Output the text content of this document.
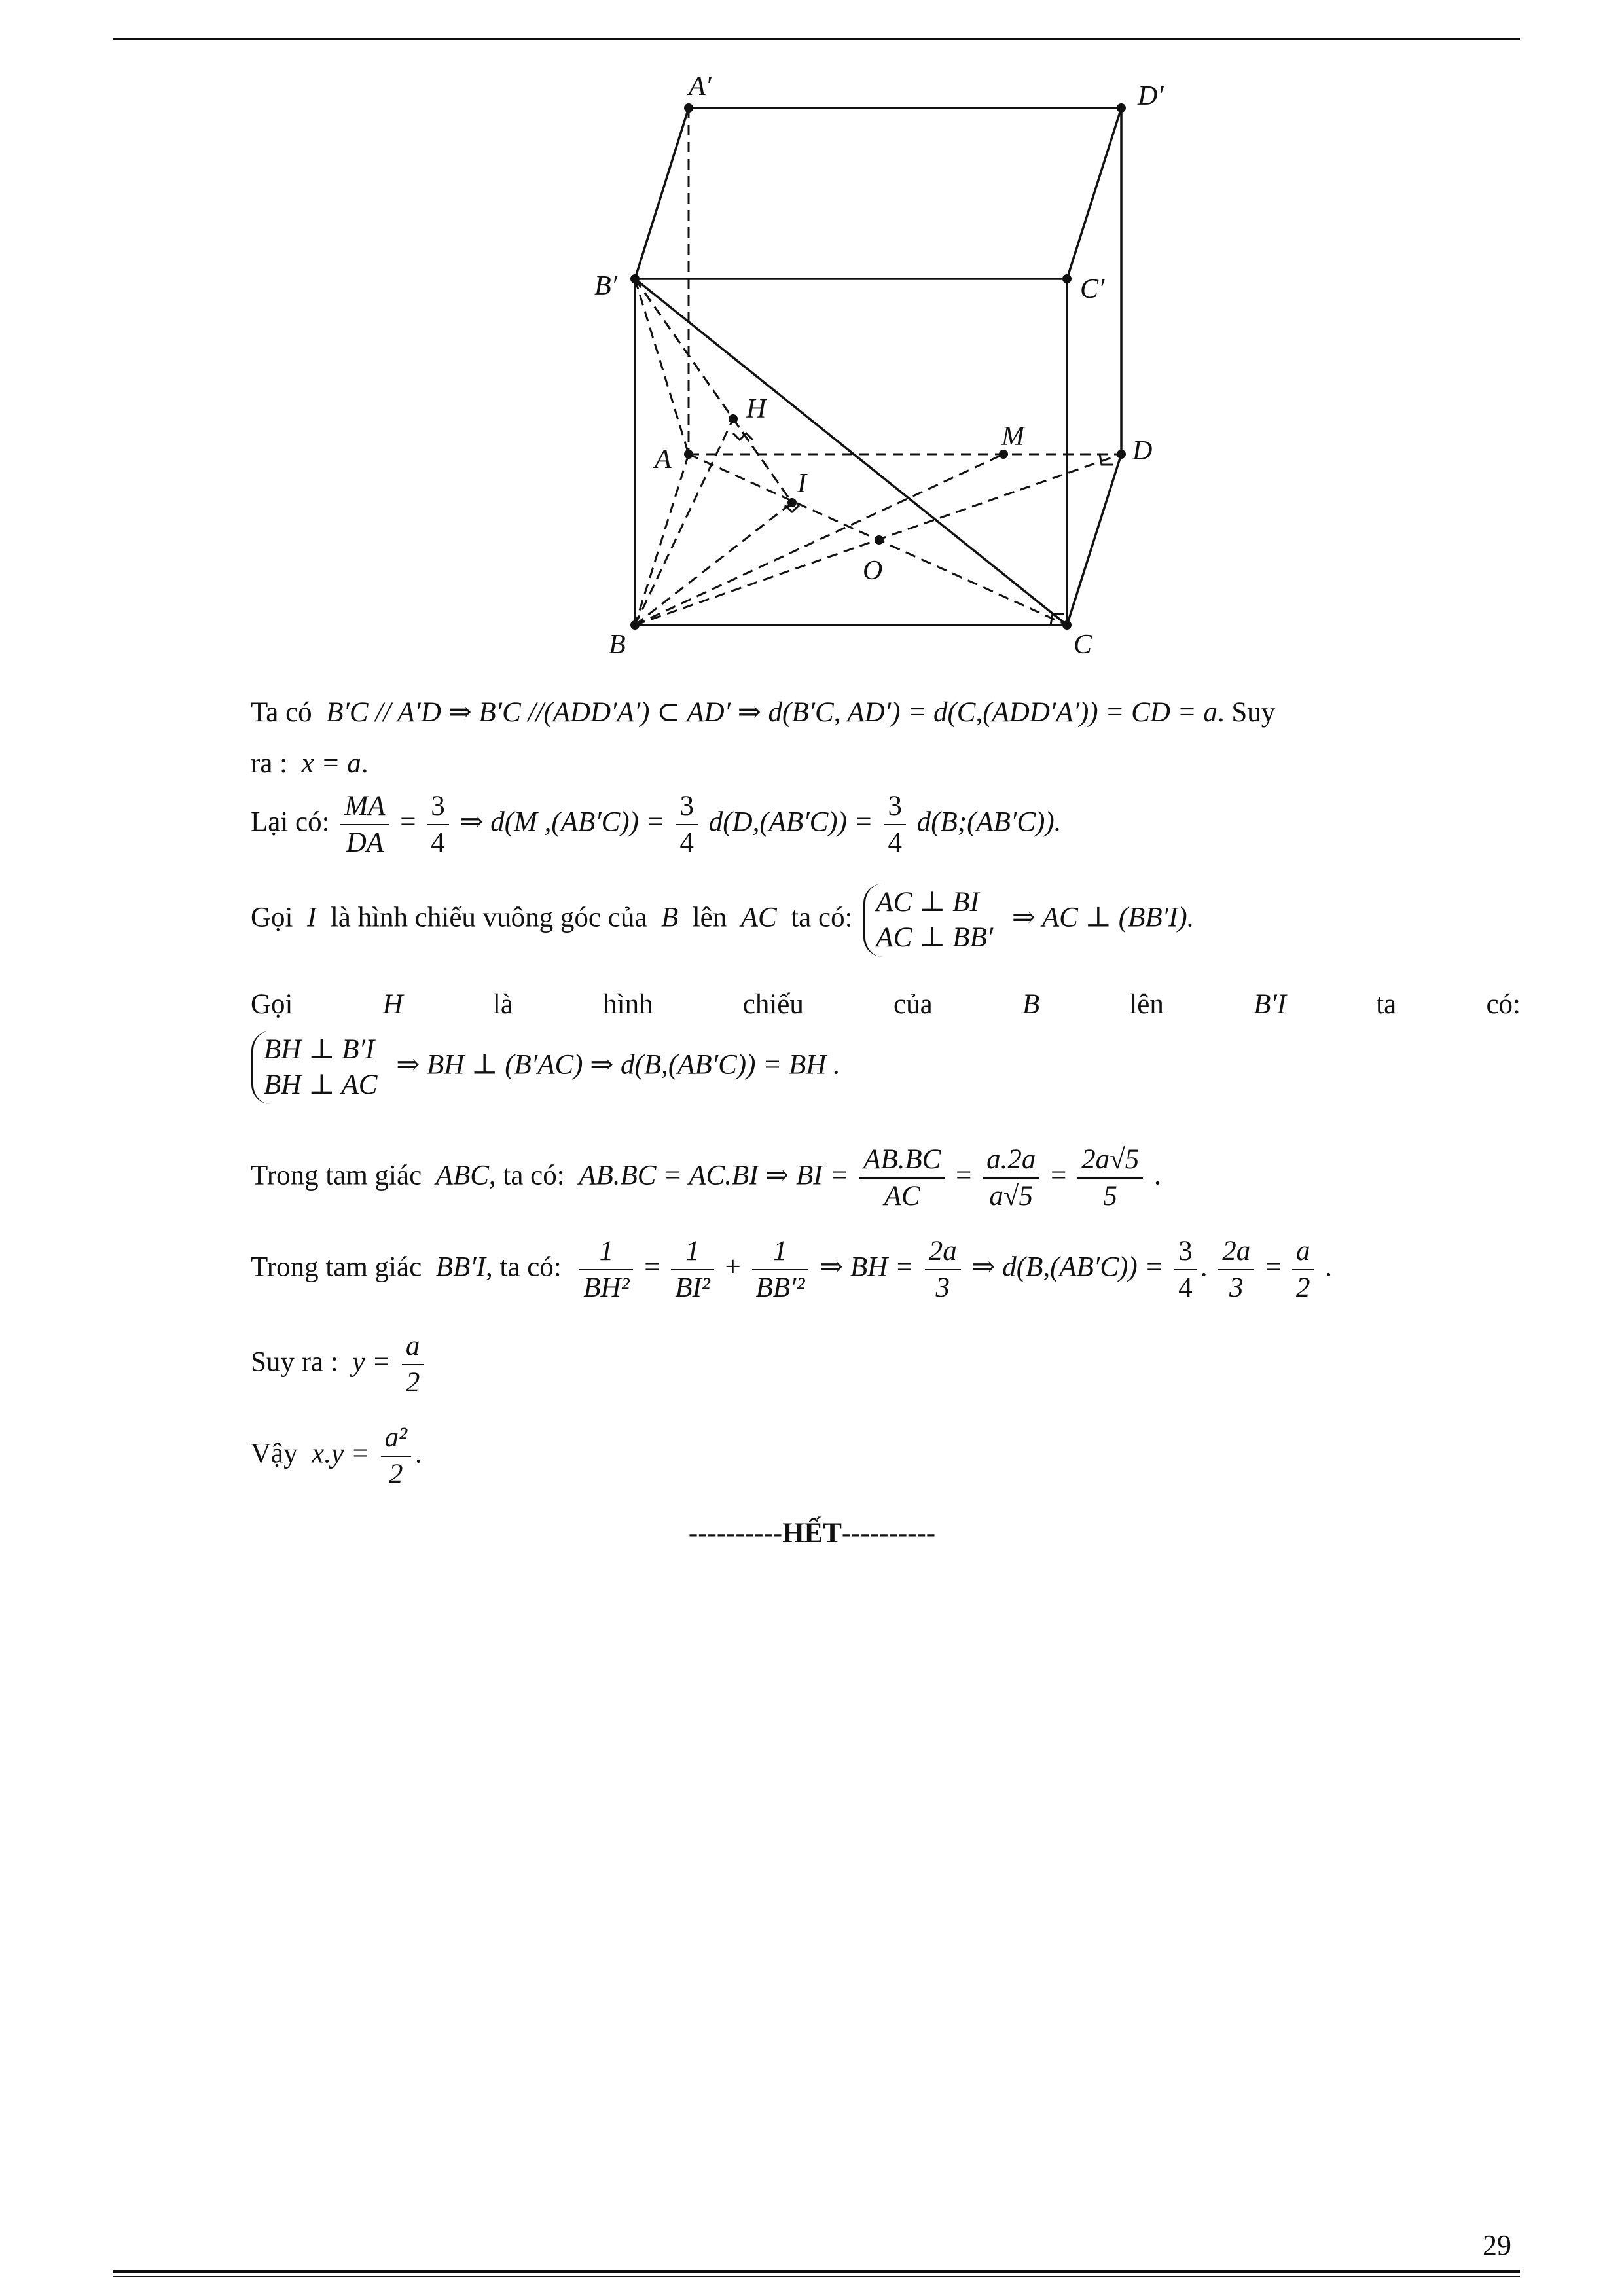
A′	D′
B′	C′
H
M
A	D
I
O
B	C
Ta có B′C // A′D ⇒ B′C //(ADD′A′) ⊂ AD′ ⇒ d(B′C, AD′) = d(C,(ADD′A′)) = CD = a. Suy
ra : x = a.
Lại có: $\frac{MA}{DA} = \frac{3}{4}$ ⇒ d(M $,(AB'C)) = \frac{3}{4} d(D,(AB'C)) = \frac{3}{4}$ d(B;(AB′C)).
Gọi I là hình chiếu vuông góc của B lên AC ta có:
AC ⊥ BI
AC ⊥ BB′
⇒ AC ⊥ (BB′I).
Gọi	H	là	hình	chiếu	của	B	lên	B′I	ta	có:
BH ⊥ B′I
BH ⊥ AC
⇒ BH ⊥ (B′AC) ⇒ d(B,(AB′C)) = BH .
Trong tam giác ABC, ta có: AB.BC = AC.BI ⇒ BI = $\frac{AB.BC}{AC} = \frac{a.2a}{a√5} = \frac{2a√5}{5}$ .
Trong tam giác BB′I, ta có: $\frac{1}{\text{BH²}} = \frac{1}{\text{BI²}} + \frac{1}{\text{BB′²}}$ ⇒ BH = $\frac{2a}{3}$ ⇒ $d(B,(AB'C)) = \frac{3}{4}$ . $\frac{2a}{3} = \frac{a}{2}$ .
Suy ra : $y = \frac{a}{2}$
Vậy $x.y = \frac{\text{a²}}{2}$ .
----------HẾT----------
29
